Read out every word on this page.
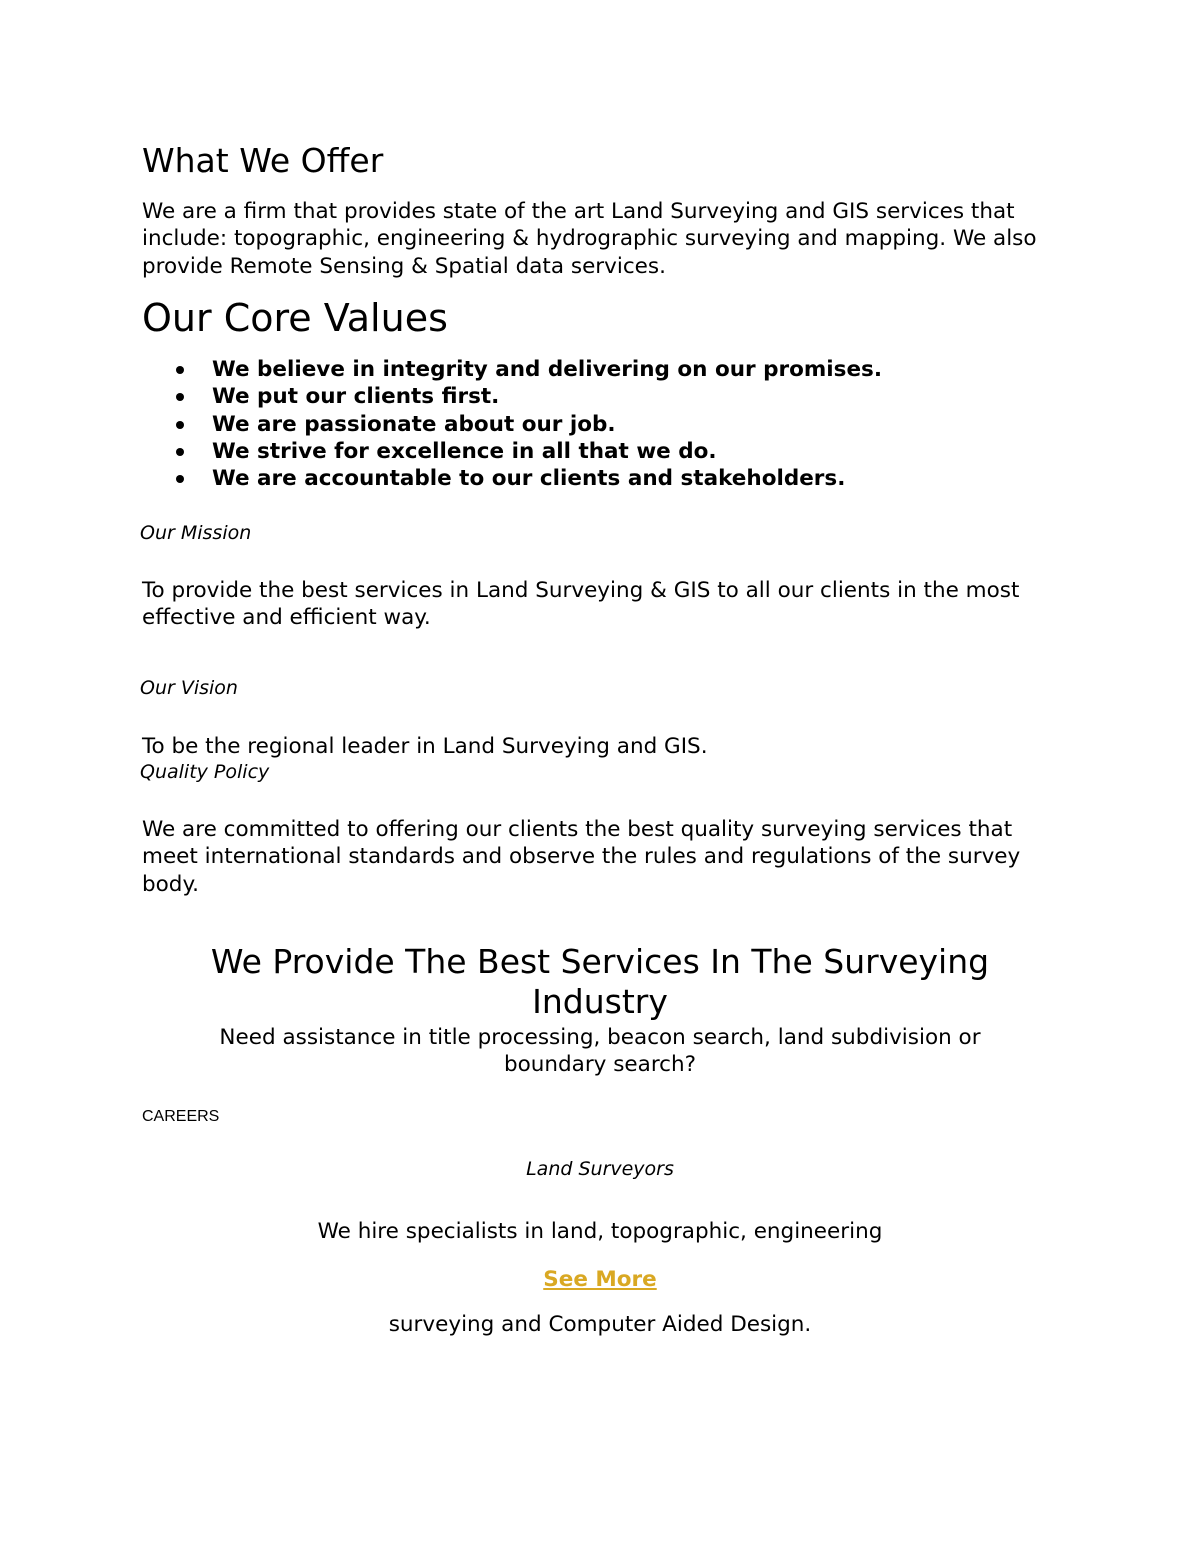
What We Offer

We are a firm that provides state of the art Land Surveying and GIS services that include: topographic, engineering & hydrographic surveying and mapping. We also provide Remote Sensing & Spatial data services.

Our Core Values
We believe in integrity and delivering on our promises.
We put our clients first.
We are passionate about our job.
We strive for excellence in all that we do.
We are accountable to our clients and stakeholders.

Our Mission

To provide the best services in Land Surveying & GIS to all our clients in the most effective and efficient way.

Our Vision

To be the regional leader in Land Surveying and GIS.

Quality Policy

We are committed to offering our clients the best quality surveying services that meet international standards and observe the rules and regulations of the survey body.

We Provide The Best Services In The Surveying
Industry

Need assistance in title processing, beacon search, land subdivision or
boundary search?

CAREERS

Land Surveyors

We hire specialists in land, topographic, engineering

See More

surveying and Computer Aided Design.
